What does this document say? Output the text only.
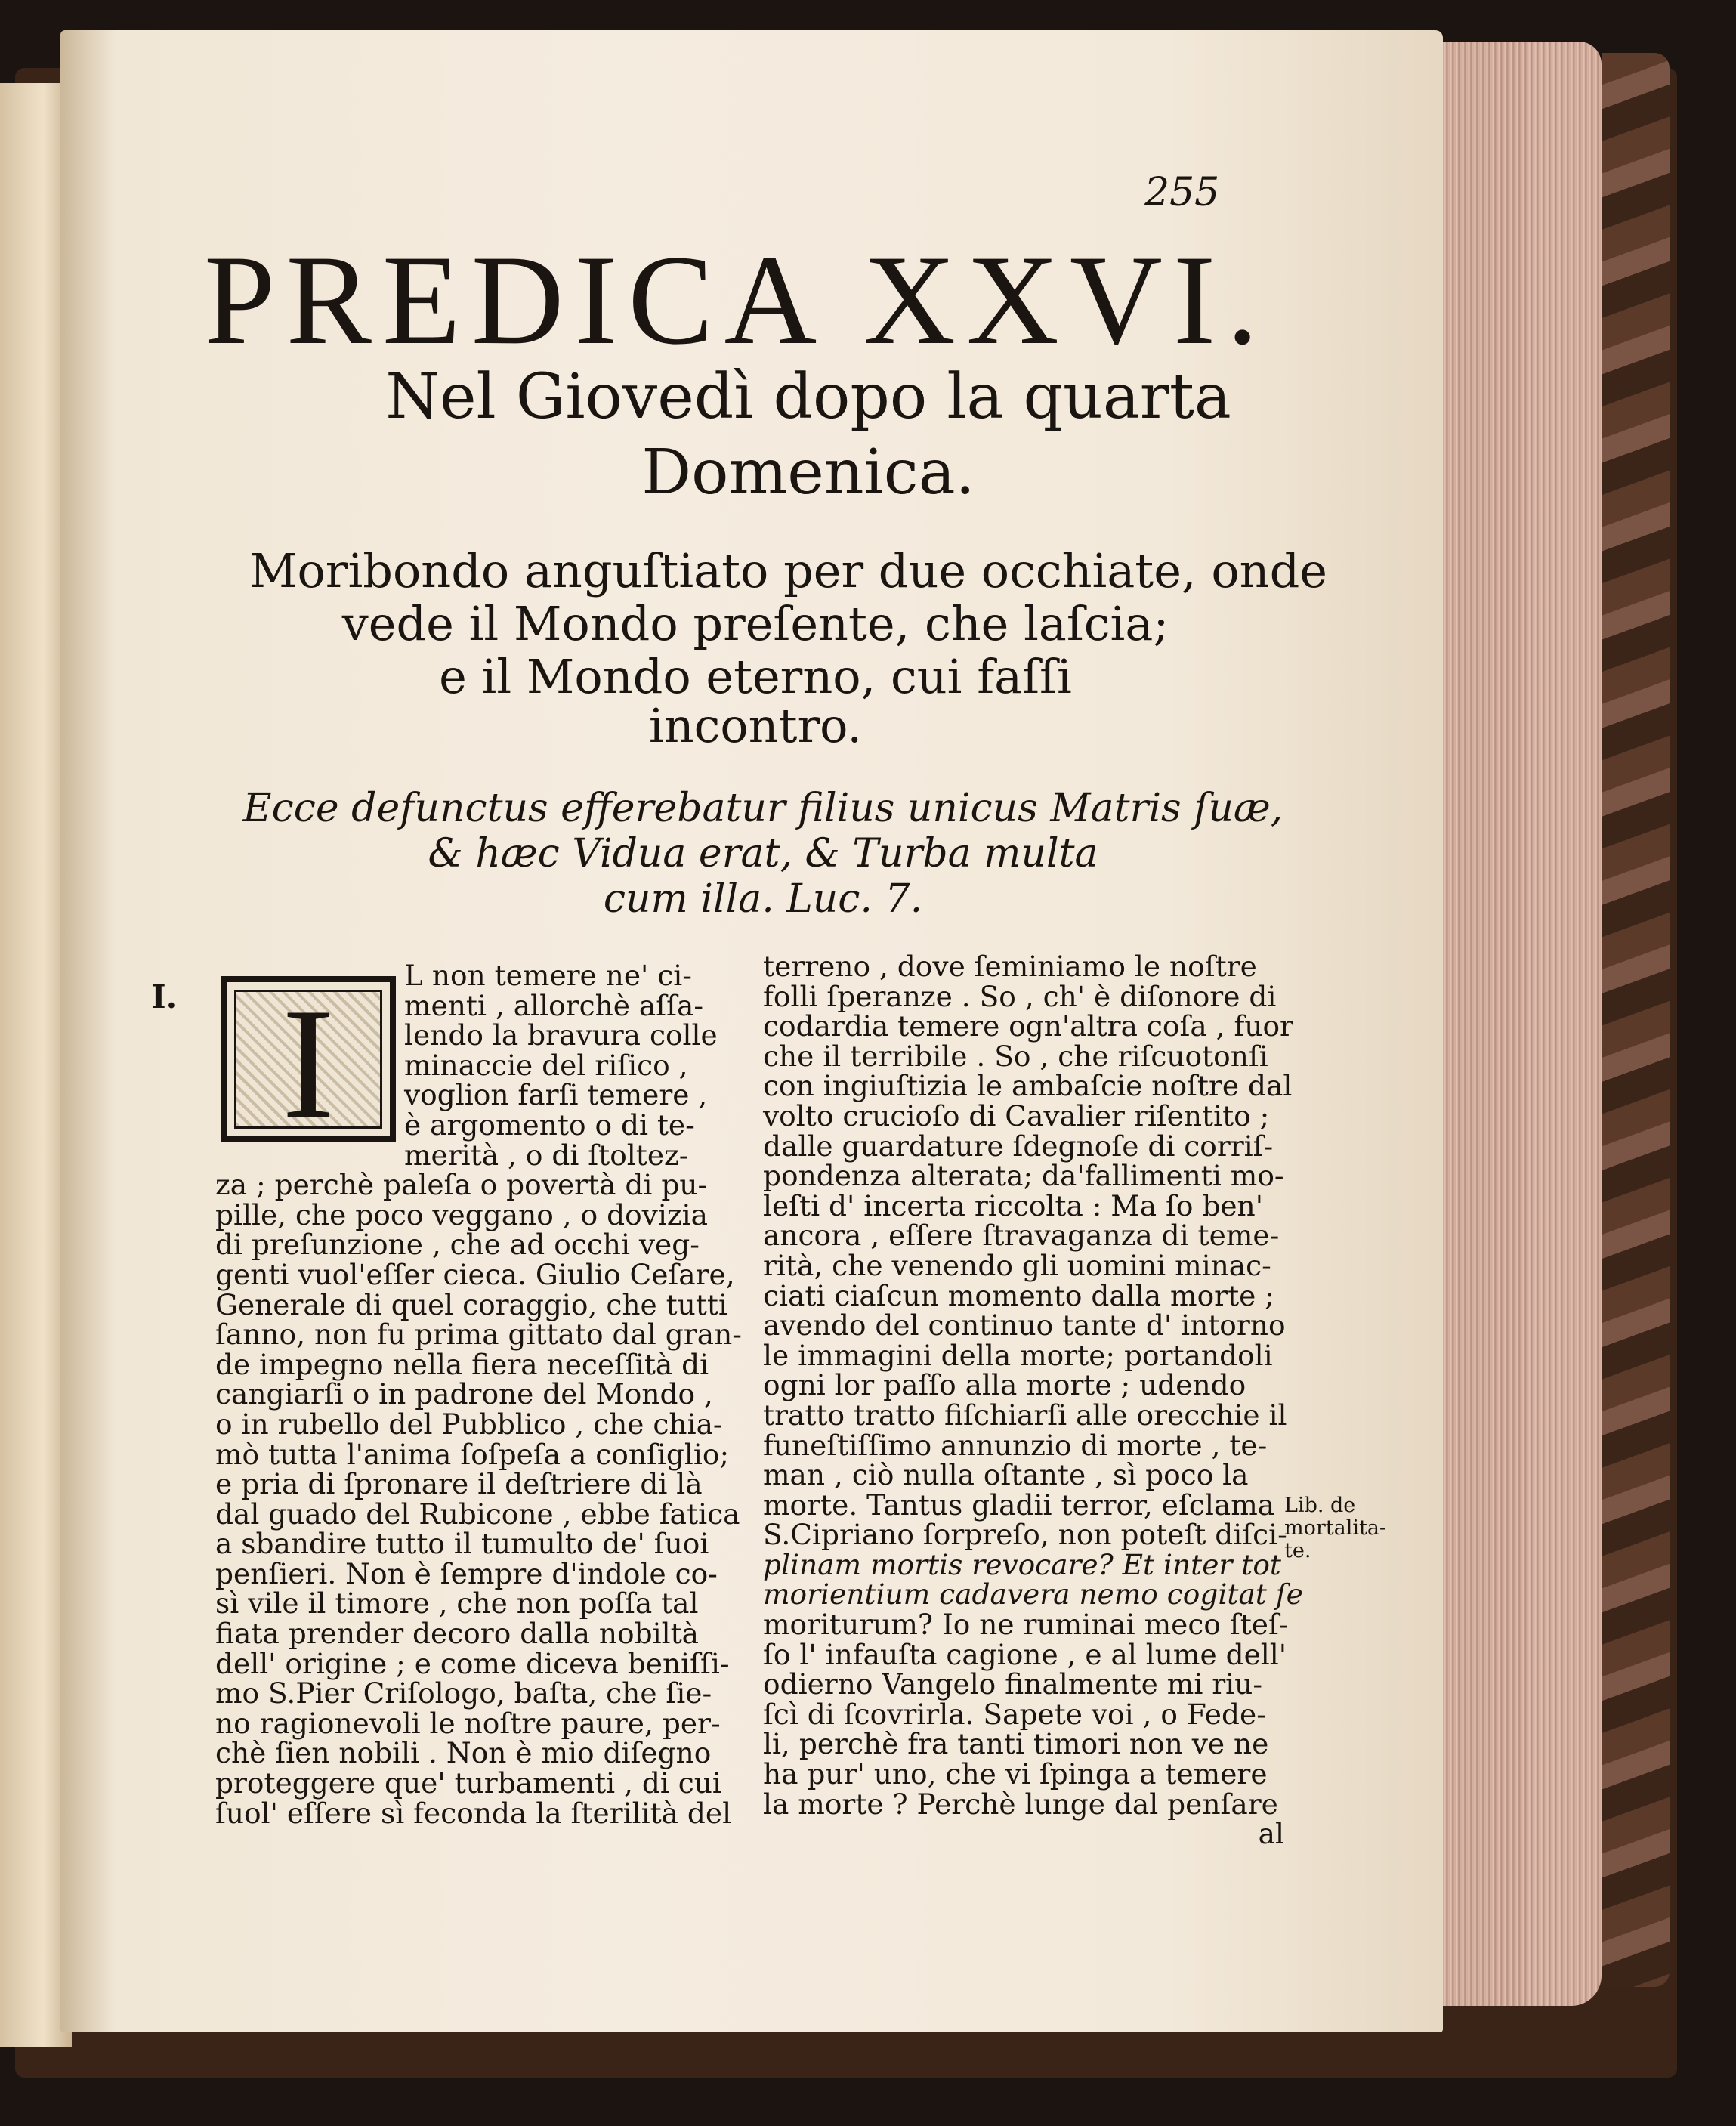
255
PREDICA XXVI.
Nel Giovedì dopo la quarta
Domenica.
Moribondo anguſtiato per due occhiate, onde
vede il Mondo preſente, che laſcia;
e il Mondo eterno, cui faſſi
incontro.
Ecce defunctus efferebatur filius unicus Matris ſuæ,
& hæc Vidua erat, & Turba multa
cum illa. Luc. 7.
I. I
L non temere ne' ci-
menti , allorchè aſſa-
lendo la bravura colle
minaccie del riſico ,
voglion farſi temere ,
è argomento o di te-
merità , o di ſtoltez-
za ; perchè paleſa o povertà di pu-
pille, che poco veggano , o dovizia
di preſunzione , che ad occhi veg-
genti vuol'eſſer cieca. Giulio Ceſare,
Generale di quel coraggio, che tutti
ſanno, non fu prima gittato dal gran-
de impegno nella fiera neceſſità di
cangiarſi o in padrone del Mondo ,
o in rubello del Pubblico , che chia-
mò tutta l'anima ſoſpeſa a conſiglio;
e pria di ſpronare il deſtriere di là
dal guado del Rubicone , ebbe fatica
a sbandire tutto il tumulto de' ſuoi
penſieri. Non è ſempre d'indole co-
sì vile il timore , che non poſſa tal
fiata prender decoro dalla nobiltà
dell' origine ; e come diceva beniſſi-
mo S.Pier Criſologo, baſta, che ſie-
no ragionevoli le noſtre paure, per-
chè ſien nobili . Non è mio diſegno
proteggere que' turbamenti , di cui
ſuol' eſſere sì feconda la ſterilità del
terreno , dove ſeminiamo le noſtre
folli ſperanze . So , ch' è diſonore di
codardia temere ogn'altra coſa , fuor
che il terribile . So , che riſcuotonſi
con ingiuſtizia le ambaſcie noſtre dal
volto crucioſo di Cavalier riſentito ;
dalle guardature ſdegnoſe di corriſ-
pondenza alterata; da'fallimenti mo-
leſti d' incerta riccolta : Ma ſo ben'
ancora , eſſere ſtravaganza di teme-
rità, che venendo gli uomini minac-
ciati ciaſcun momento dalla morte ;
avendo del continuo tante d' intorno
le immagini della morte; portandoli
ogni lor paſſo alla morte ; udendo
tratto tratto fiſchiarſi alle orecchie il
funeſtiſſimo annunzio di morte , te-
man , ciò nulla oſtante , sì poco la
morte. Tantus gladii terror, eſclama
S.Cipriano ſorpreſo, non poteſt diſci-
plinam mortis revocare? Et inter tot
morientium cadavera nemo cogitat ſe
moriturum? Io ne ruminai meco ſteſ-
ſo l' infauſta cagione , e al lume dell'
odierno Vangelo finalmente mi riu-
ſcì di ſcovrirla. Sapete voi , o Fede-
li, perchè fra tanti timori non ve ne
ha pur' uno, che vi ſpinga a temere
la morte ? Perchè lunge dal penſare
al
Lib. de
mortalita-
te.
